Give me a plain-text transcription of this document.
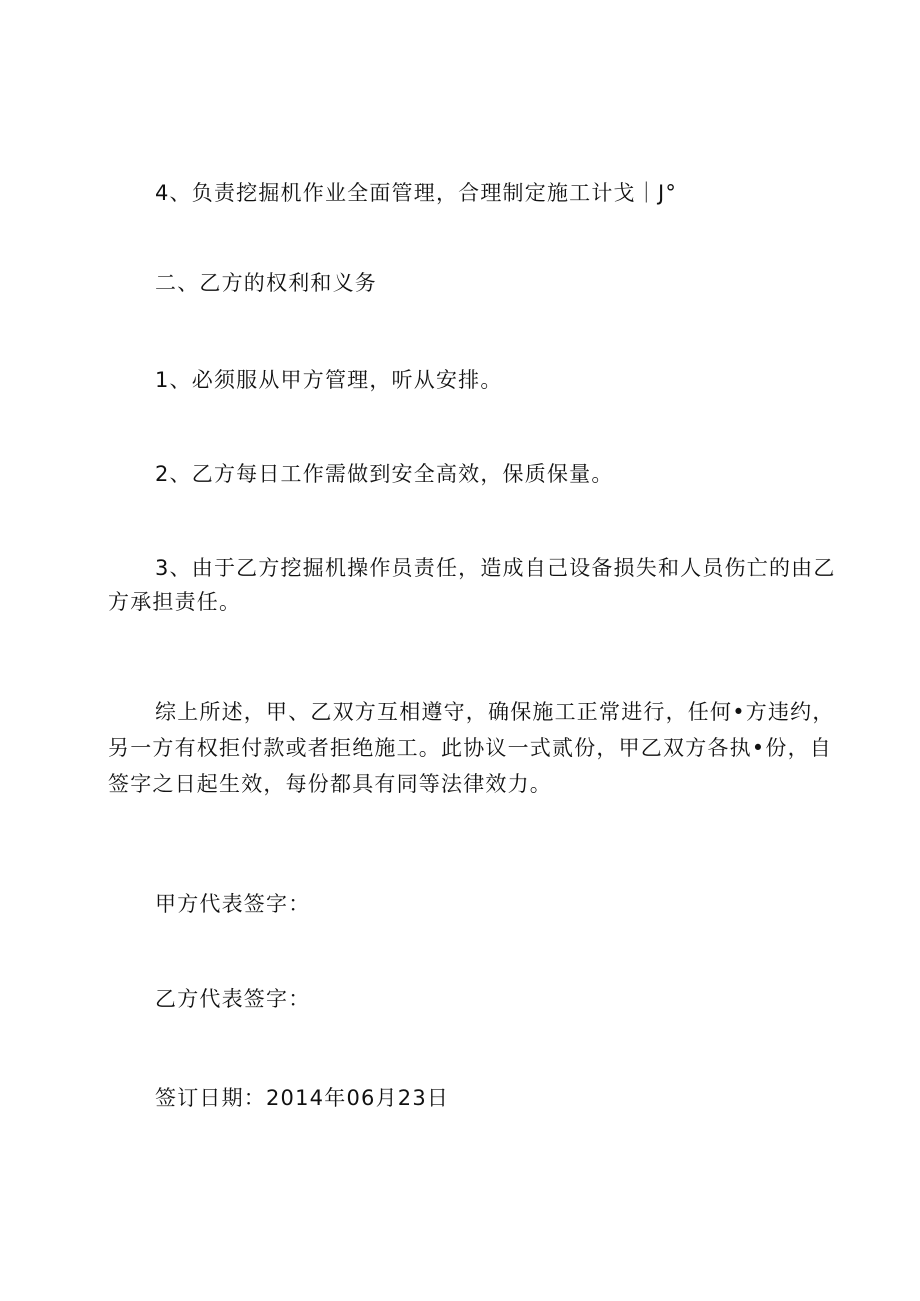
4、负责挖掘机作业全面管理，合理制定施工计戈｜J°

二、乙方的权利和义务

1、必须服从甲方管理，听从安排。

2、乙方每日工作需做到安全高效，保质保量。

3、由于乙方挖掘机操作员责任，造成自己设备损失和人员伤亡的由乙
方承担责任。
综上所述，甲、乙双方互相遵守，确保施工正常进行，任何•方违约，
另一方有权拒付款或者拒绝施工。此协议一式贰份，甲乙双方各执•份，自
签字之日起生效，每份都具有同等法律效力。

甲方代表签字：

乙方代表签字：

签订日期：2014年06月23日
